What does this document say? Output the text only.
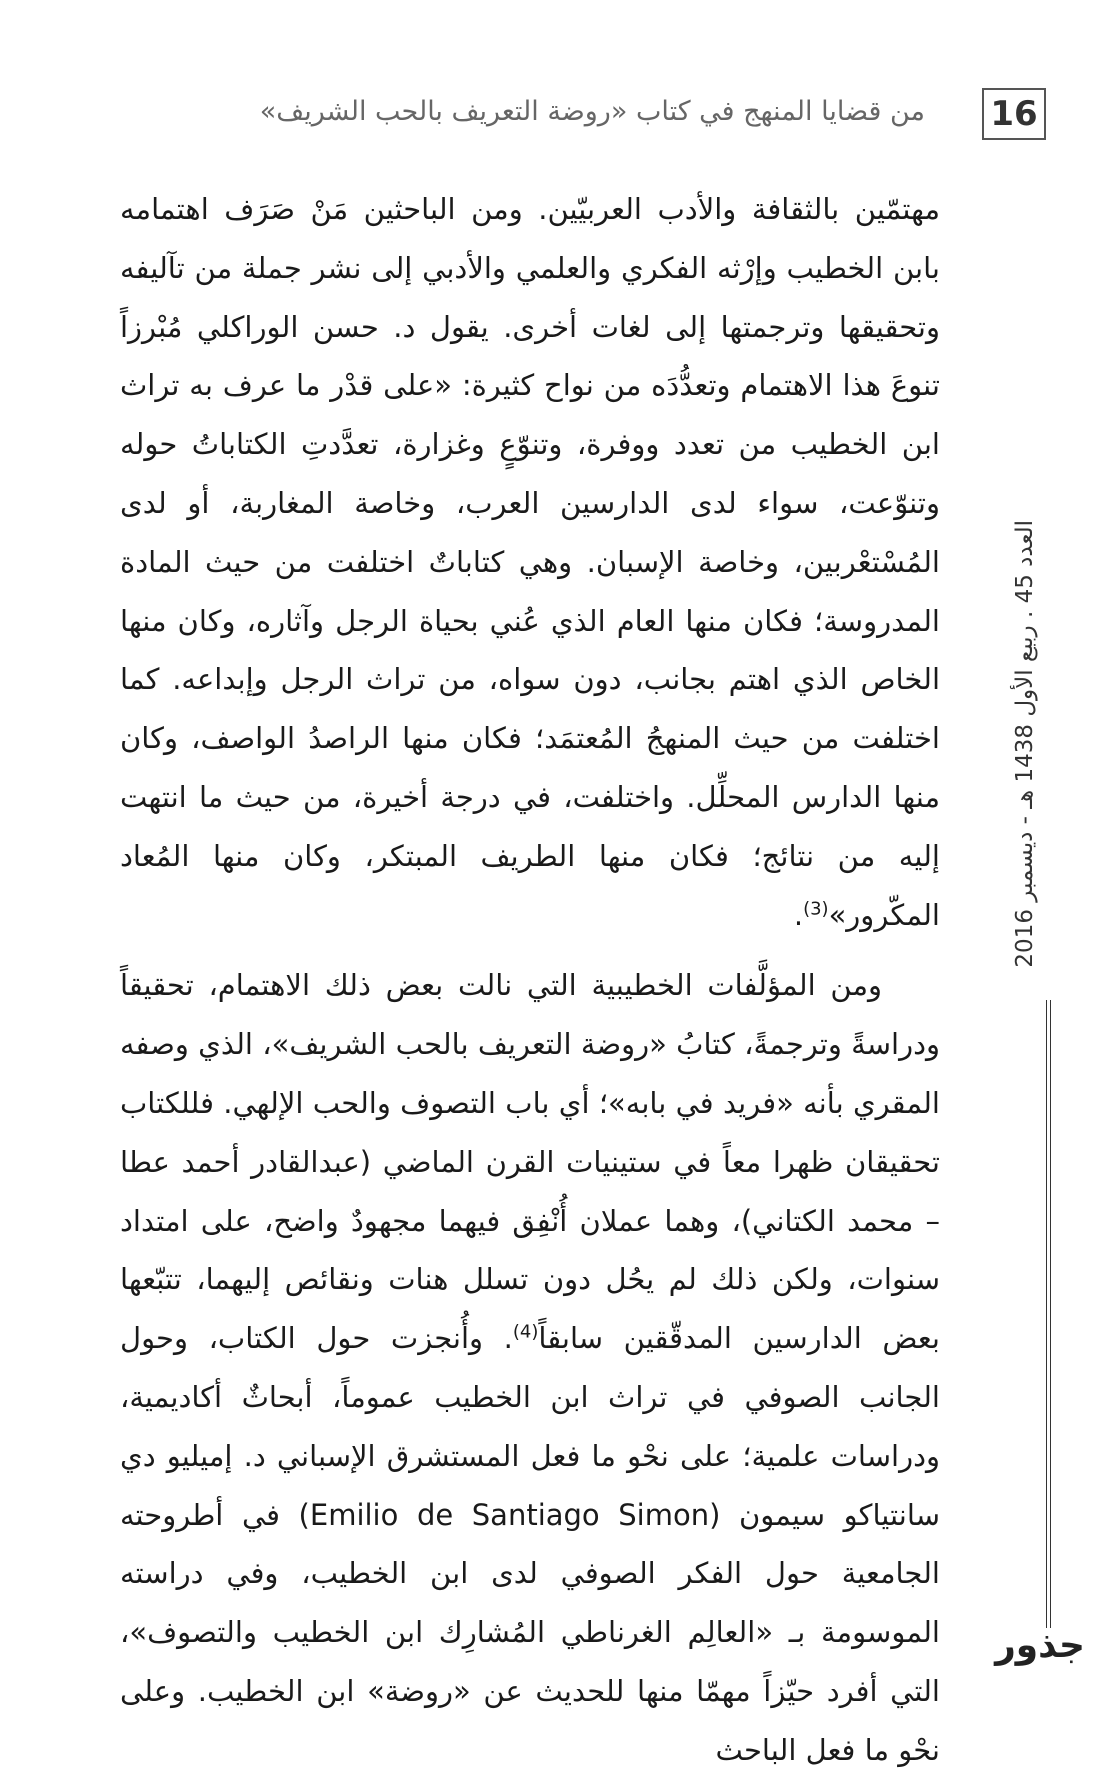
16
من قضايا المنهج في كتاب «روضة التعريف بالحب الشريف»

مهتمّين بالثقافة والأدب العربيّين. ومن الباحثين مَنْ صَرَف اهتمامه بابن الخطيب وإرْثه الفكري والعلمي والأدبي إلى نشر جملة من تآليفه وتحقيقها وترجمتها إلى لغات أخرى. يقول د. حسن الوراكلي مُبْرزاً تنوعَ هذا الاهتمام وتعدُّدَه من نواح كثيرة: «على قدْر ما عرف به تراث ابن الخطيب من تعدد ووفرة، وتنوّعٍ وغزارة، تعدَّدتِ الكتاباتُ حوله وتنوّعت، سواء لدى الدارسين العرب، وخاصة المغاربة، أو لدى المُسْتعْربين، وخاصة الإسبان. وهي كتاباتٌ اختلفت من حيث المادة المدروسة؛ فكان منها العام الذي عُني بحياة الرجل وآثاره، وكان منها الخاص الذي اهتم بجانب، دون سواه، من تراث الرجل وإبداعه. كما اختلفت من حيث المنهجُ المُعتمَد؛ فكان منها الراصدُ الواصف، وكان منها الدارس المحلِّل. واختلفت، في درجة أخيرة، من حيث ما انتهت إليه من نتائج؛ فكان منها الطريف المبتكر، وكان منها المُعاد المكّرور»$^{(3)}$.

ومن المؤلَّفات الخطيبية التي نالت بعض ذلك الاهتمام، تحقيقاً ودراسةً وترجمةً، كتابُ «روضة التعريف بالحب الشريف»، الذي وصفه المقري بأنه «فريد في بابه»؛ أي باب التصوف والحب الإلهي. فللكتاب تحقيقان ظهرا معاً في ستينيات القرن الماضي (عبدالقادر أحمد عطا – محمد الكتاني)، وهما عملان أُنْفِق فيهما مجهودٌ واضح، على امتداد سنوات، ولكن ذلك لم يحُل دون تسلل هنات ونقائص إليهما، تتبّعها بعض الدارسين المدقّقين سابقاً$^{(4)}$. وأُنجزت حول الكتاب، وحول الجانب الصوفي في تراث ابن الخطيب عموماً، أبحاثٌ أكاديمية، ودراسات علمية؛ على نحْو ما فعل المستشرق الإسباني د. إميليو دي سانتياكو سيمون (Emilio de Santiago Simon) في أطروحته الجامعية حول الفكر الصوفي لدى ابن الخطيب، وفي دراسته الموسومة بـ «العالِم الغرناطي المُشارِك ابن الخطيب والتصوف»، التي أفرد حيّزاً مهمّا منها للحديث عن «روضة» ابن الخطيب. وعلى نحْو ما فعل الباحث

العدد 45 . ربيع الأول 1438 هـ - ديسمبر 2016
جذور
